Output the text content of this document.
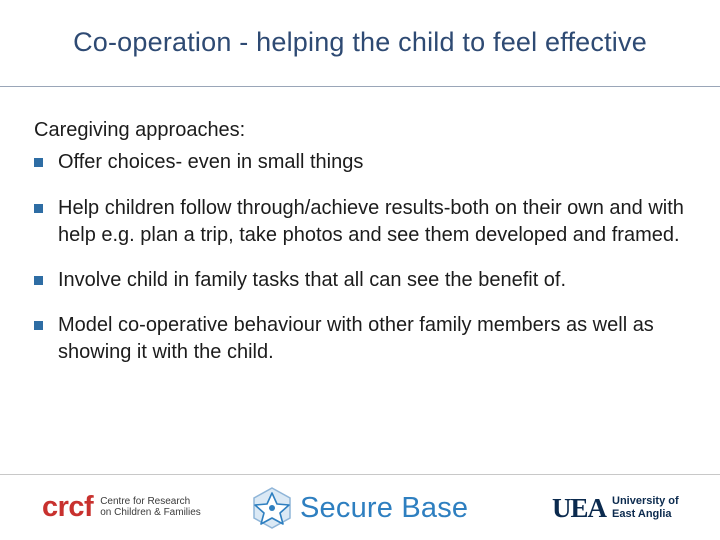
Co-operation - helping the child to feel effective
Caregiving approaches:
Offer choices- even in small things
Help children follow through/achieve results-both on their own and with help e.g. plan a trip, take photos and see them developed and framed.
Involve child in family tasks that all can see the benefit of.
Model co-operative behaviour with other family members as well as showing it with the child.
crcf Centre for Research
on Children & Families	Secure Base	UEA University of
East Anglia
